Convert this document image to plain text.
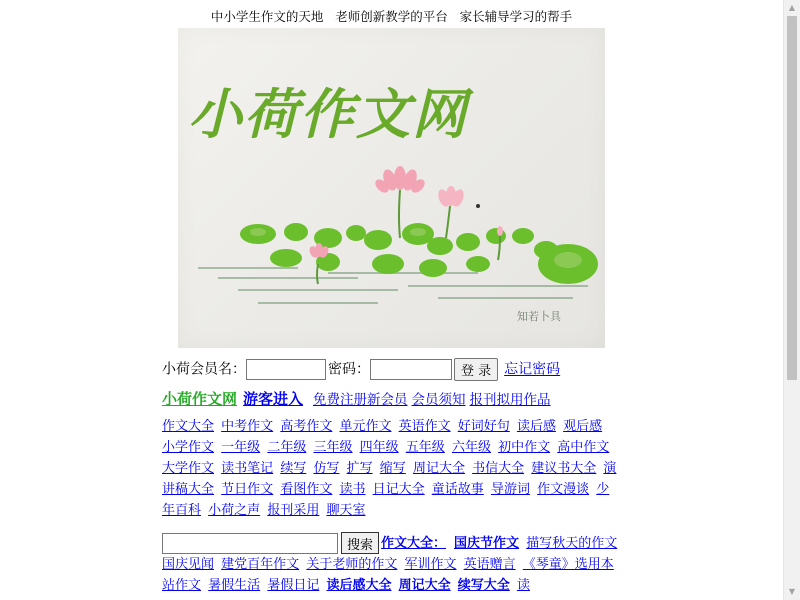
中小学生作文的天地   老师创新教学的平台   家长辅导学习的帮手
小荷作文网
知若卜具
小荷会员名：	密码：	登 录 忘记密码
小荷作文网 游客进入 免费注册新会员 会员须知 报刊拟用作品
作文大全 中考作文 高考作文 单元作文 英语作文 好词好句 读后感 观后感 小学作文 一年级 二年级 三年级 四年级 五年级 六年级 初中作文 高中作文 大学作文 读书笔记 续写 仿写 扩写 缩写 周记大全 书信大全 建议书大全 演讲稿大全 节日作文 看图作文 读书 日记大全 童话故事 导游词 作文漫谈 少年百科 小荷之声 报刊采用 聊天室
搜索 作文大全： 国庆节作文 描写秋天的作文 国庆见闻 建党百年作文 关于老师的作文 军训作文 英语赠言 《琴童》选用本站作文 暑假生活 暑假日记 读后感大全 周记大全 续写大全 读
▲
▼
